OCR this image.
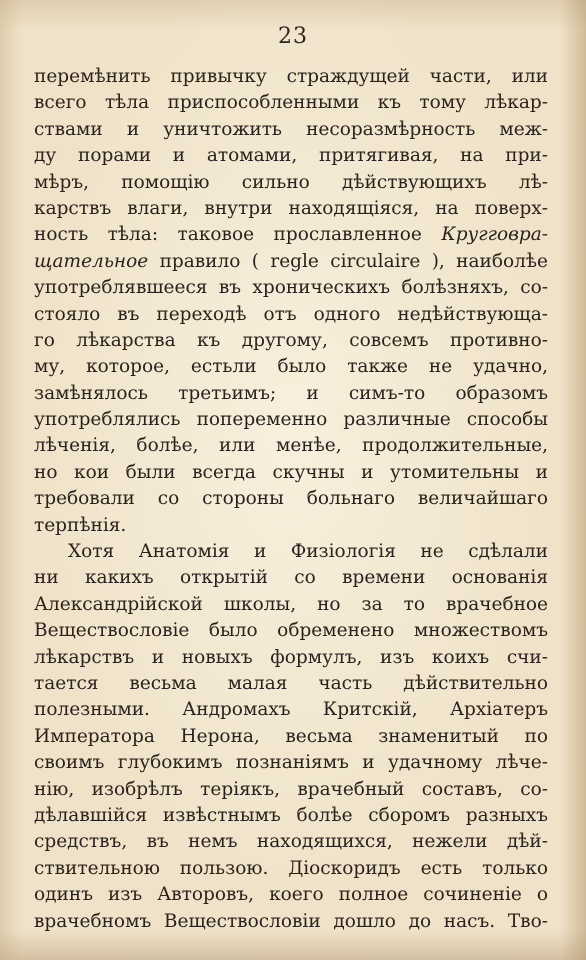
23
перемѣнить привычку страждущей части, или
всего тѣла приспособленными къ тому лѣкар-
ствами и уничтожить несоразмѣрность меж-
ду порами и атомами, притягивая, на при-
мѣръ, помощію сильно дѣйствующихъ лѣ-
карствъ влаги, внутри находящіяся, на поверх-
ность тѣла: таковое прославленное Кругговра-
щательное правило ( regle circulaire ), наиболѣе
употреблявшееся въ хроническихъ болѣзняхъ, со-
стояло въ переходѣ отъ одного недѣйствующа-
го лѣкарства къ другому, совсемъ противно-
му, которое, естьли было также не удачно,
замѣнялось третьимъ; и симъ-то образомъ
употреблялись попеременно различные способы
лѣченія, болѣе, или менѣе, продолжительные,
но кои были всегда скучны и утомительны и
требовали со стороны больнаго величайшаго
терпѣнія.
Хотя Анатомія и Физіологія не сдѣлали
ни какихъ открытій со времени основанія
Александрійской школы, но за то врачебное
Веществословіе было обременено множествомъ
лѣкарствъ и новыхъ формулъ, изъ коихъ счи-
тается весьма малая часть дѣйствительно
полезными. Андромахъ Критскій, Архіатеръ
Императора Нерона, весьма знаменитый по
своимъ глубокимъ познаніямъ и удачному лѣче-
нію, изобрѣлъ теріякъ, врачебный составъ, со-
дѣлавшійся извѣстнымъ болѣе сборомъ разныхъ
средствъ, въ немъ находящихся, нежели дѣй-
ствительною пользою. Діоскоридъ есть только
одинъ изъ Авторовъ, коего полное сочиненіе о
врачебномъ Веществословіи дошло до насъ. Тво-
